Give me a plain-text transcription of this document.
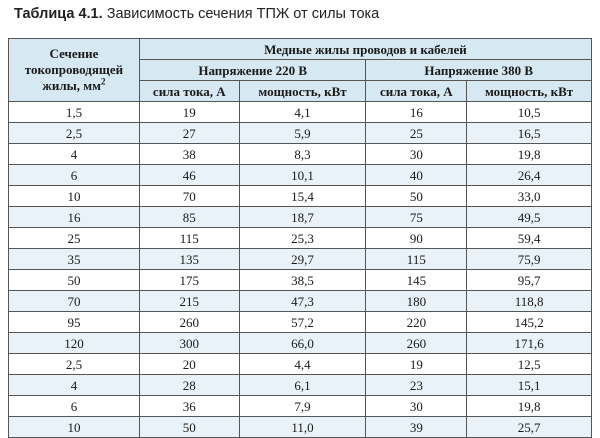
Таблица 4.1. Зависимость сечения ТПЖ от силы тока
Сечение
токопроводящей
жилы, $мм^2$	Медные жилы проводов и кабелей			
	Напряжение 220 В		Напряжение 380 В	
	сила тока, А	мощность, кВт	сила тока, А	мощность, кВт
1,5	19	4,1	16	10,5
2,5	27	5,9	25	16,5
4	38	8,3	30	19,8
6	46	10,1	40	26,4
10	70	15,4	50	33,0
16	85	18,7	75	49,5
25	115	25,3	90	59,4
35	135	29,7	115	75,9
50	175	38,5	145	95,7
70	215	47,3	180	118,8
95	260	57,2	220	145,2
120	300	66,0	260	171,6
2,5	20	4,4	19	12,5
4	28	6,1	23	15,1
6	36	7,9	30	19,8
10	50	11,0	39	25,7
